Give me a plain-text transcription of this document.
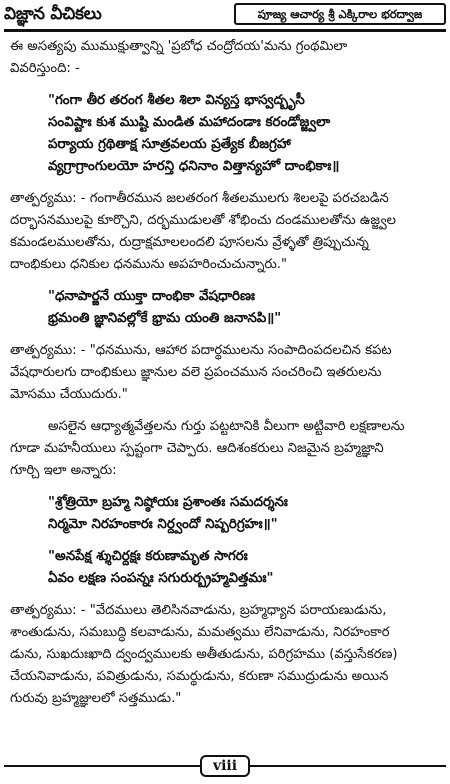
విజ్ఞాన వీచికలు	పూజ్య ఆచార్య శ్రీ ఎక్కిరాల భరద్వాజ
ఈ అసత్యపు ముముక్షుత్వాన్ని 'ప్రబోధ చంద్రోదయ'మను గ్రంథమిలా
వివరిస్తుంది: -
"గంగా తీర తరంగ శీతల శిలా విన్యస్త భాస్వద్బృసీ
సంవిష్టాః కుశ ముష్టి మండిత మహాదండాః కరండోజ్జ్వలా
పర్యాయ గ్రథితాక్ష సూత్రవలయ ప్రత్యేక బీజగ్రహా
వ్యగ్రాగ్రాంగులయో హరన్తి ధనినాం విత్తాన్యహో దాంభికాః॥
తాత్పర్యము: - గంగాతీరమున జలతరంగ శీతలములగు శిలలపై పరచబడిన
దర్భాసనములపై కూర్చొని, దర్భముడులతో శోభించు దండములతోను ఉజ్జ్వల
కమండలములతోను, రుద్రాక్షమాలలందలి పూసలను వ్రేళ్ళతో త్రిప్పుచున్న
దాంభికులు ధనికుల ధనమును అపహరించుచున్నారు."
"ధనాపార్జనే యుక్తా దాంభికా వేషధారిణః
భ్రమంతి జ్ఞానివల్లోకే భ్రామ యంతి జనానపి॥"
తాత్పర్యము: - "ధనమును, ఆహార పదార్థములను సంపాదింపదలచిన కపట
వేషధారులగు దాంభికులు జ్ఞానుల వలె ప్రపంచమున సంచరించి ఇతరులను
మోసము చేయుదురు."
అసలైన ఆధ్యాత్మవేత్తలను గుర్తు పట్టటానికి వీలుగా అట్టివారి లక్షణాలను
గూడా మహనీయులు స్పష్టంగా చెప్పారు. ఆదిశంకరులు నిజమైన బ్రహ్మజ్ఞాని
గూర్చి ఇలా అన్నారు:
"శ్రోత్రియో బ్రహ్మ నిష్ఠోయః ప్రశాంతః సమదర్శనః
నిర్మమో నిరహంకారః నిర్ద్వందో నిష్పరిగ్రహః॥"
"అనపేక్ష శ్శుచిర్దక్షః కరుణామృత సాగరః
ఏవం లక్షణ సంపన్నః సగురుర్బ్రహ్మవిత్తమః"
తాత్పర్యము: - "వేదములు తెలిసినవాడును, బ్రహ్మధ్యాన పరాయణుడును,
శాంతుడును, సమబుద్ధి కలవాడును, మమత్వము లేనివాడును, నిరహంకార
డును, సుఖదుఃఖాది ద్వంద్వములకు అతీతుడును, పరిగ్రహము (వస్తుసేకరణ)
చేయనివాడును, పవిత్రుడును, సమర్థుడును, కరుణా సముద్రుడును అయిన
గురువు బ్రహ్మజ్ఞులలో సత్తముడు."
viii
